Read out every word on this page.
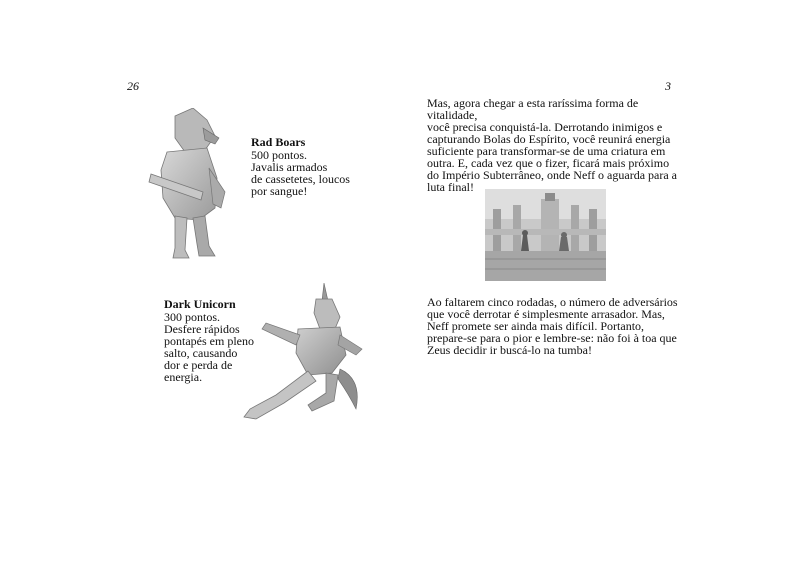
26
Rad Boars
500 pontos.
Javalis armados
de cassetetes, loucos
por sangue!
Dark Unicorn
300 pontos.
Desfere rápidos
pontapés em pleno
salto, causando
dor e perda de
energia.
3
Mas, agora chegar a esta raríssima forma de vitalidade,
você precisa conquistá-la. Derrotando inimigos e
capturando Bolas do Espírito, você reunirá energia
suficiente para transformar-se de uma criatura em
outra. E, cada vez que o fizer, ficará mais próximo
do Império Subterrâneo, onde Neff o aguarda para a
luta final!
Ao faltarem cinco rodadas, o número de adversários
que você derrotar é simplesmente arrasador. Mas,
Neff promete ser ainda mais difícil. Portanto,
prepare-se para o pior e lembre-se: não foi à toa que
Zeus decidir ir buscá-lo na tumba!
